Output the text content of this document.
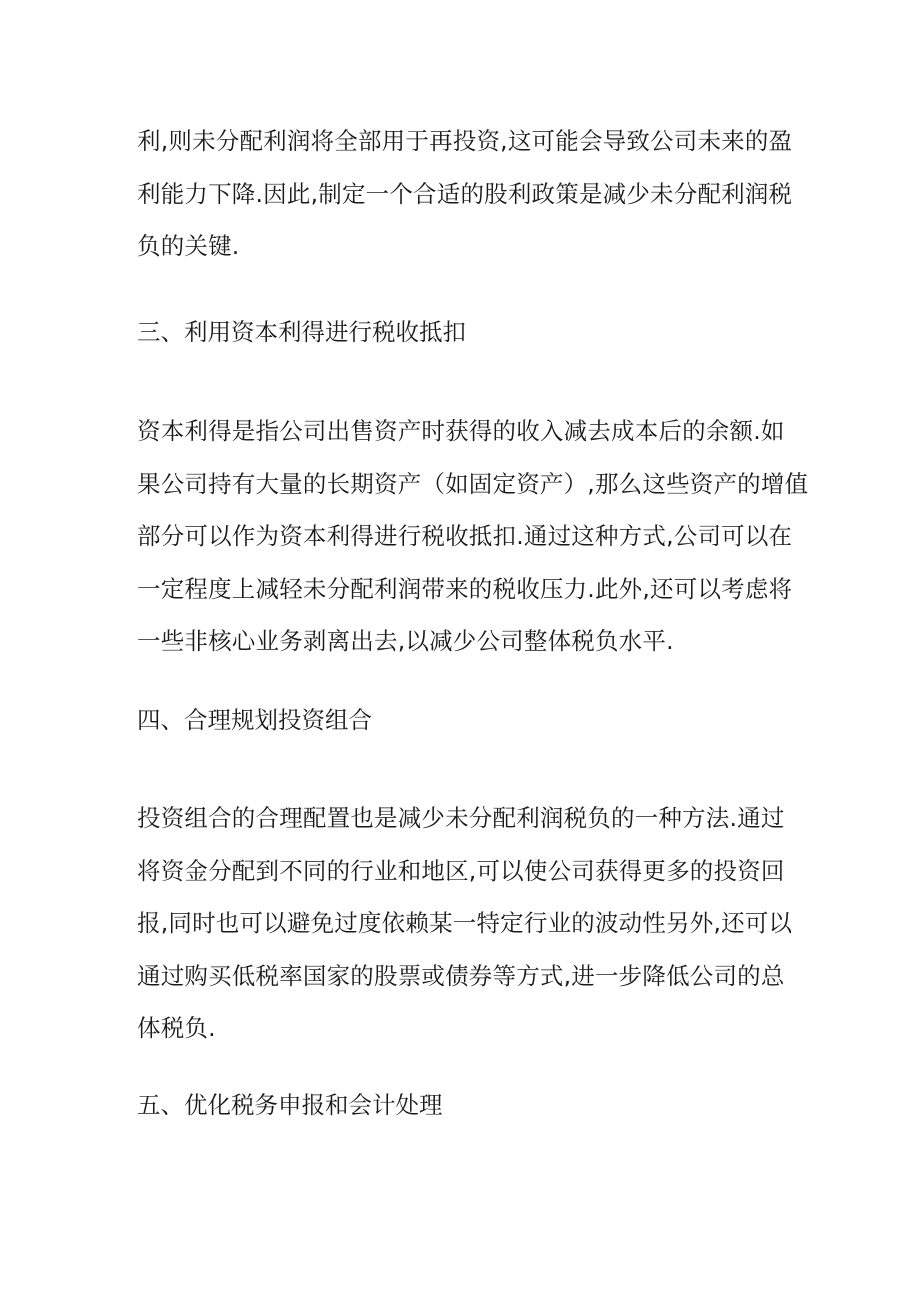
利,则未分配利润将全部用于再投资,这可能会导致公司未来的盈
利能力下降.因此,制定一个合适的股利政策是减少未分配利润税
负的关键.

三、利用资本利得进行税收抵扣

资本利得是指公司出售资产时获得的收入减去成本后的余额.如
果公司持有大量的长期资产（如固定资产）,那么这些资产的增值
部分可以作为资本利得进行税收抵扣.通过这种方式,公司可以在
一定程度上减轻未分配利润带来的税收压力.此外,还可以考虑将
一些非核心业务剥离出去,以减少公司整体税负水平.

四、合理规划投资组合

投资组合的合理配置也是减少未分配利润税负的一种方法.通过
将资金分配到不同的行业和地区,可以使公司获得更多的投资回
报,同时也可以避免过度依赖某一特定行业的波动性另外,还可以
通过购买低税率国家的股票或债券等方式,进一步降低公司的总
体税负.

五、优化税务申报和会计处理
